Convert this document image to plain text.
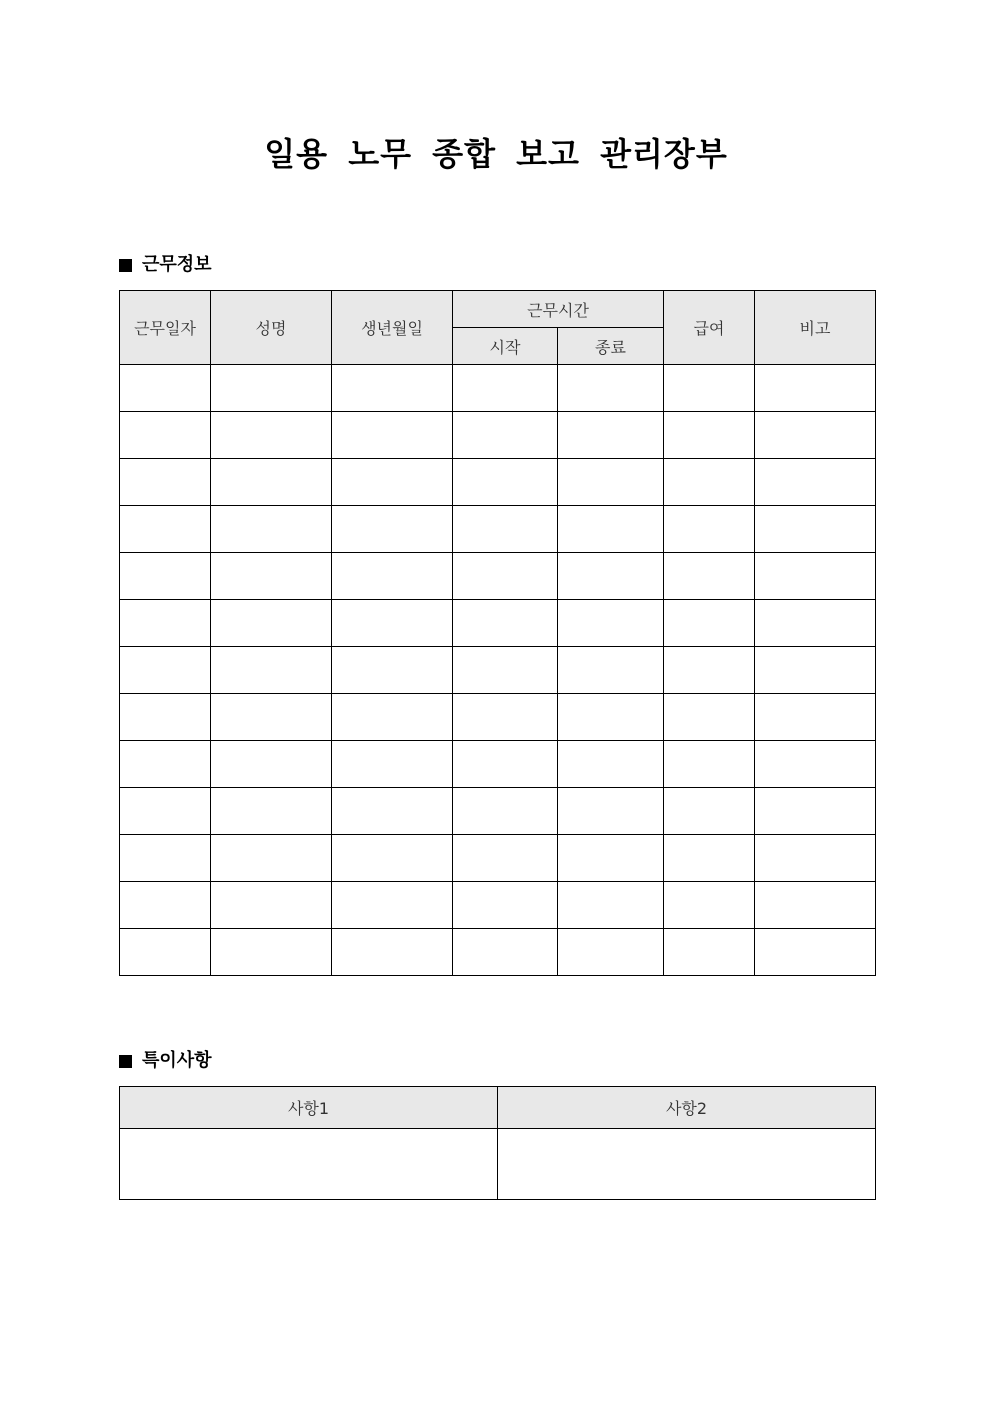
일용 노무 종합 보고 관리장부
근무정보
근무일자	성명	생년월일	근무시간		급여	비고
			시작	종료		

특이사항
사항1	사항2
